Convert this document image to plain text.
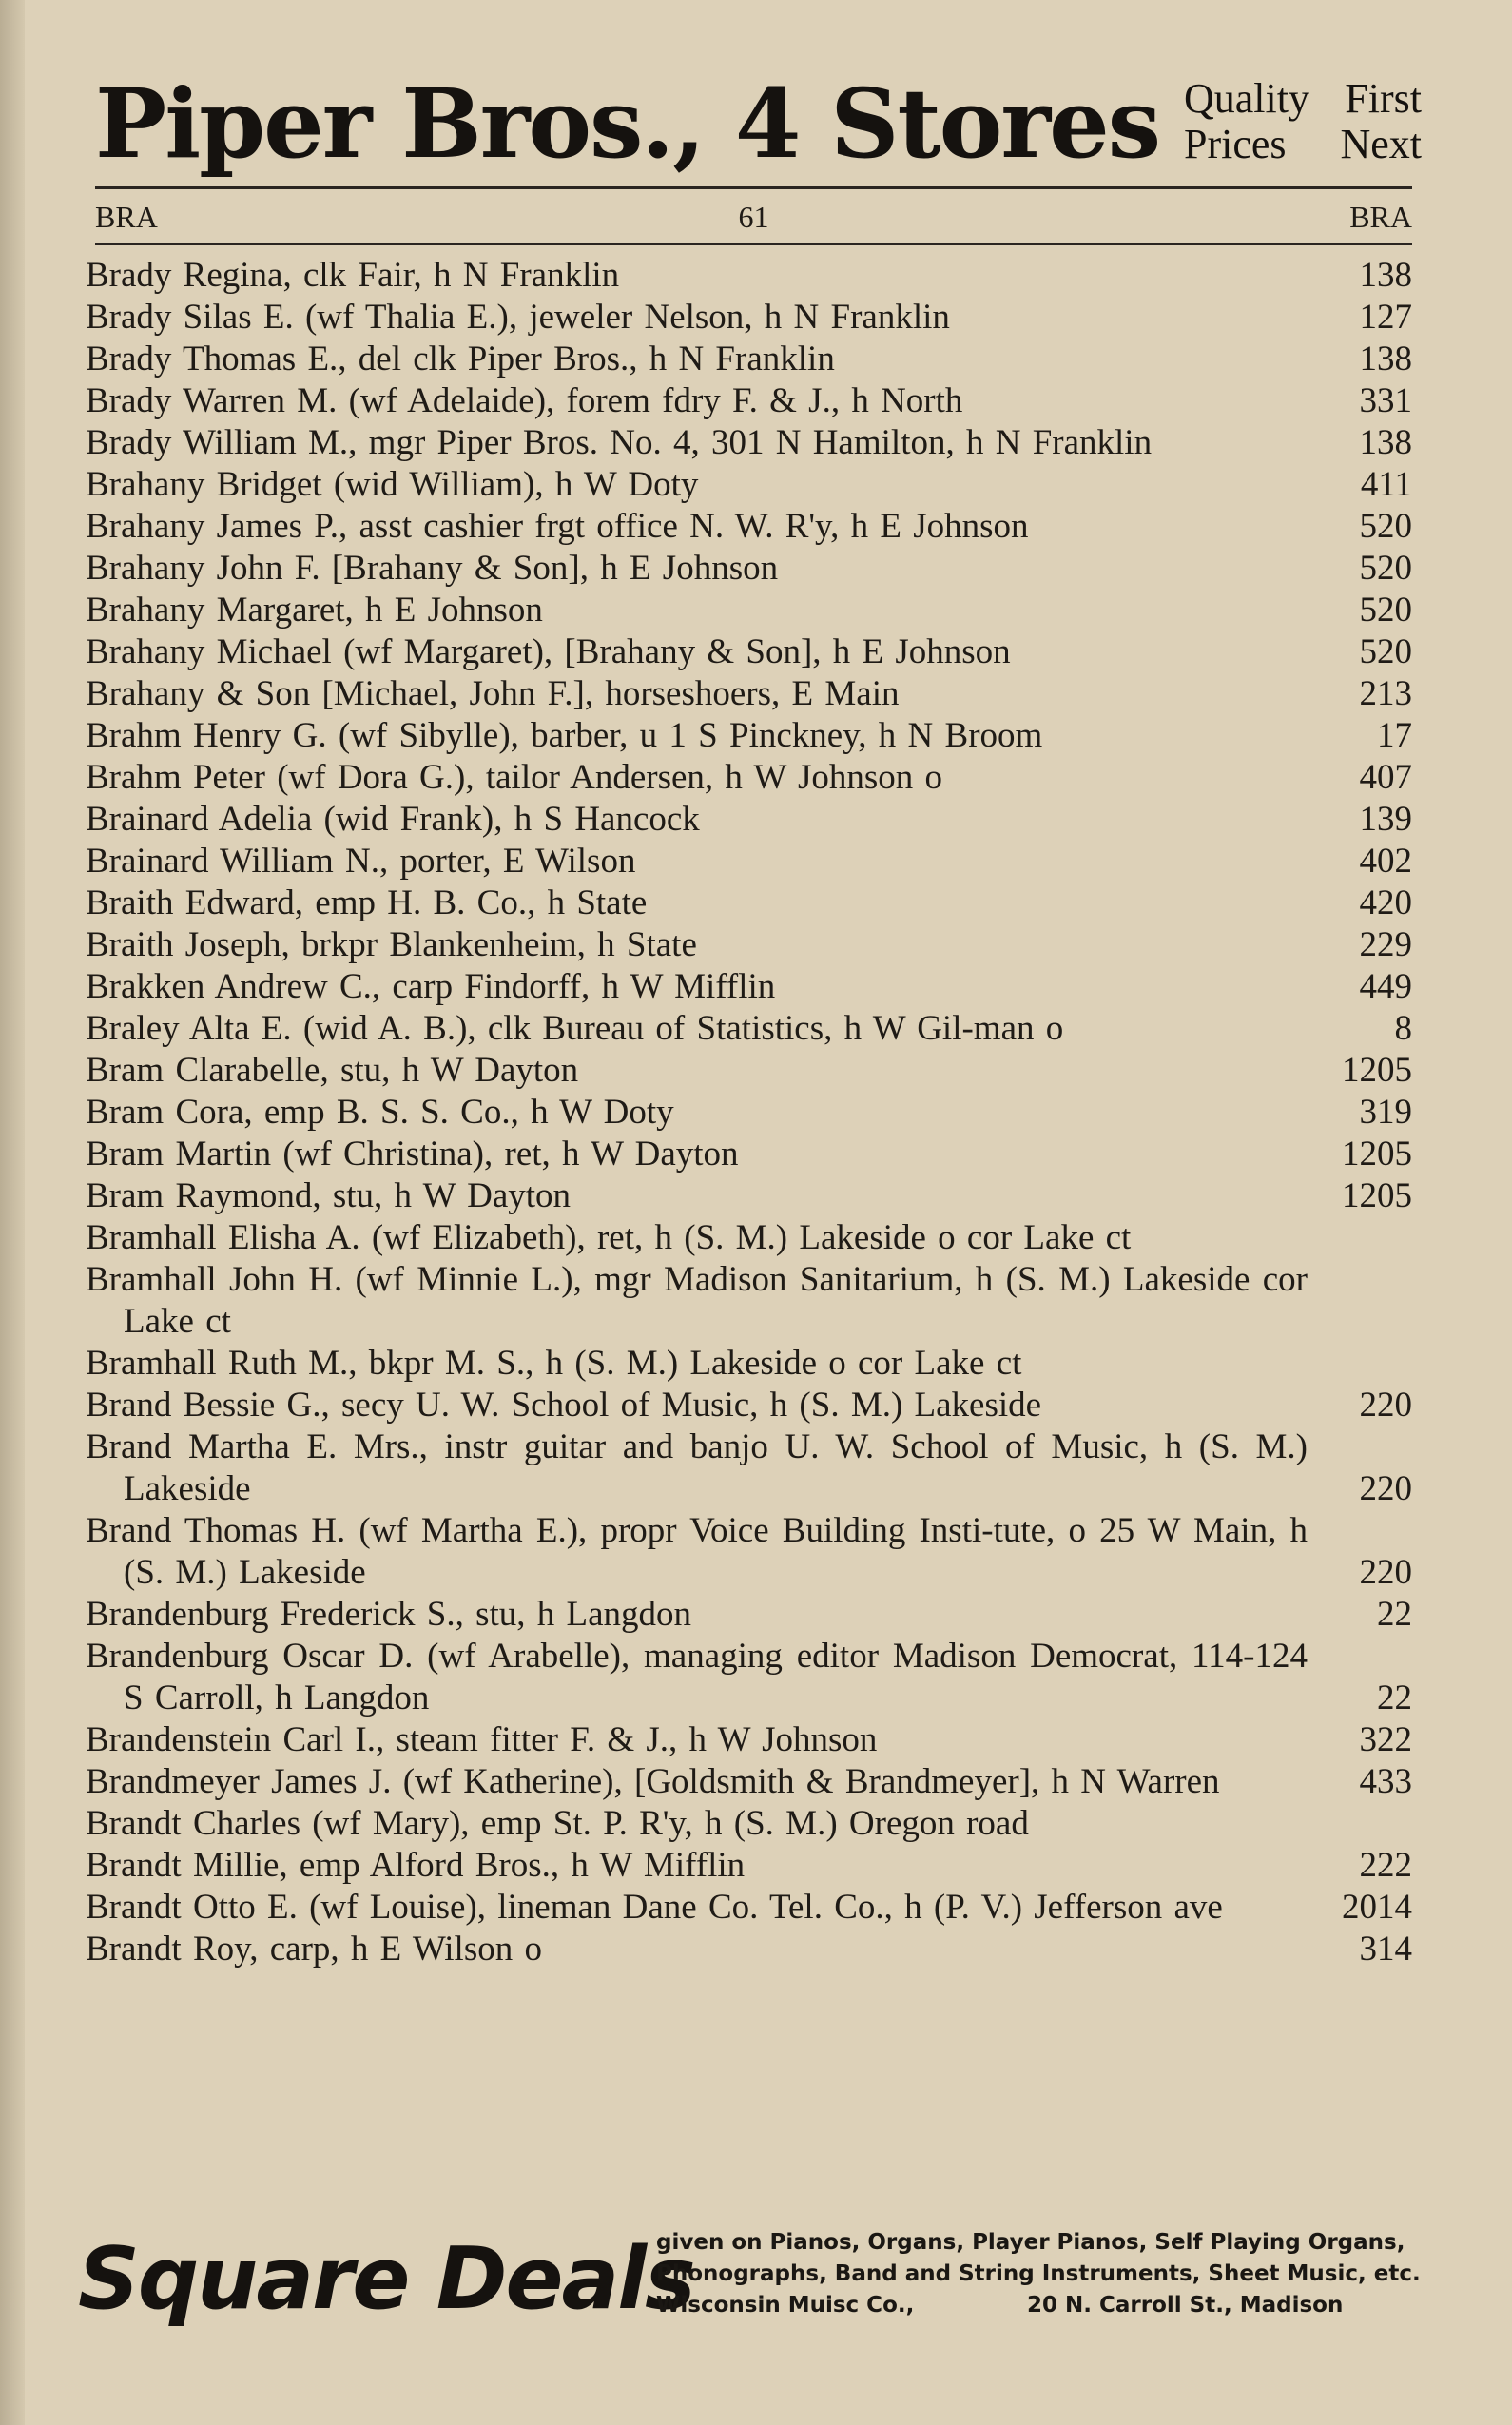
Piper Bros., 4 Stores Quality First
Prices Next
BRA	61	BRA
Brady Regina, clk Fair, h N Franklin	138
Brady Silas E. (wf Thalia E.), jeweler Nelson, h N Franklin	127
Brady Thomas E., del clk Piper Bros., h N Franklin	138
Brady Warren M. (wf Adelaide), forem fdry F. & J., h North	331
Brady William M., mgr Piper Bros. No. 4, 301 N Hamilton, h N Franklin	138
Brahany Bridget (wid William), h W Doty	411
Brahany James P., asst cashier frgt office N. W. R'y, h E Johnson	520
Brahany John F. [Brahany & Son], h E Johnson	520
Brahany Margaret, h E Johnson	520
Brahany Michael (wf Margaret), [Brahany & Son], h E Johnson	520
Brahany & Son [Michael, John F.], horseshoers, E Main	213
Brahm Henry G. (wf Sibylle), barber, u 1 S Pinckney, h N Broom	17
Brahm Peter (wf Dora G.), tailor Andersen, h W Johnson o	407
Brainard Adelia (wid Frank), h S Hancock	139
Brainard William N., porter, E Wilson	402
Braith Edward, emp H. B. Co., h State	420
Braith Joseph, brkpr Blankenheim, h State	229
Brakken Andrew C., carp Findorff, h W Mifflin	449
Braley Alta E. (wid A. B.), clk Bureau of Statistics, h W Gil-man o	8
Bram Clarabelle, stu, h W Dayton	1205
Bram Cora, emp B. S. S. Co., h W Doty	319
Bram Martin (wf Christina), ret, h W Dayton	1205
Bram Raymond, stu, h W Dayton	1205
Bramhall Elisha A. (wf Elizabeth), ret, h (S. M.) Lakeside o cor Lake ct
Bramhall John H. (wf Minnie L.), mgr Madison Sanitarium, h (S. M.) Lakeside cor Lake ct
Bramhall Ruth M., bkpr M. S., h (S. M.) Lakeside o cor Lake ct
Brand Bessie G., secy U. W. School of Music, h (S. M.) Lakeside	220
Brand Martha E. Mrs., instr guitar and banjo U. W. School of Music, h (S. M.) Lakeside	220
Brand Thomas H. (wf Martha E.), propr Voice Building Insti-tute, o 25 W Main, h (S. M.) Lakeside	220
Brandenburg Frederick S., stu, h Langdon	22
Brandenburg Oscar D. (wf Arabelle), managing editor Madison Democrat, 114-124 S Carroll, h Langdon	22
Brandenstein Carl I., steam fitter F. & J., h W Johnson	322
Brandmeyer James J. (wf Katherine), [Goldsmith & Brandmeyer], h N Warren	433
Brandt Charles (wf Mary), emp St. P. R'y, h (S. M.) Oregon road
Brandt Millie, emp Alford Bros., h W Mifflin	222
Brandt Otto E. (wf Louise), lineman Dane Co. Tel. Co., h (P. V.) Jefferson ave	2014
Brandt Roy, carp, h E Wilson o	314
Square Deals
given on Pianos, Organs, Player Pianos, Self Playing Organs,
Phonographs, Band and String Instruments, Sheet Music, etc.
Wisconsin Muisc Co.,	20 N. Carroll St., Madison
